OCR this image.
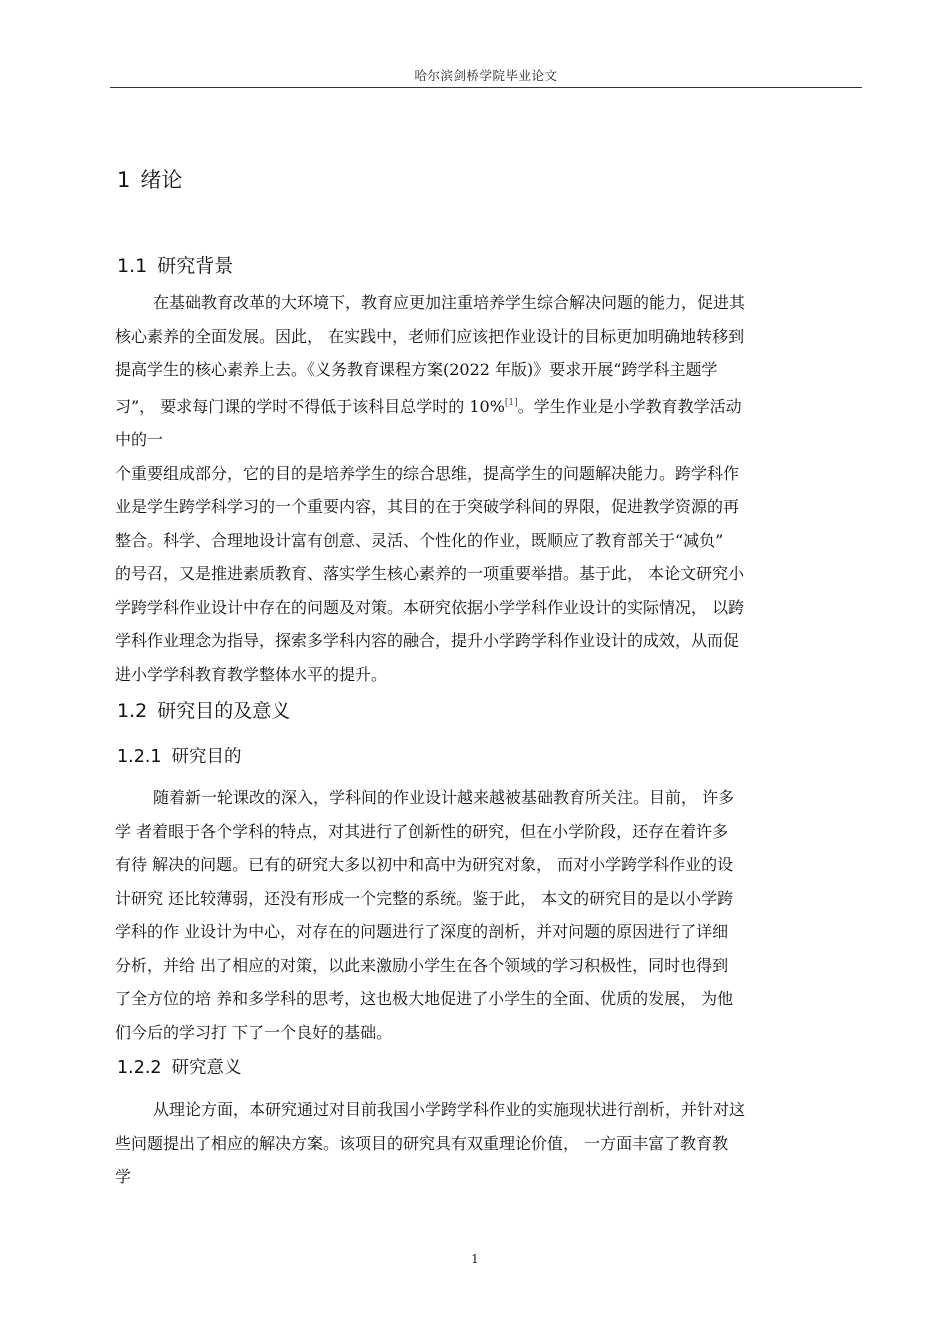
哈尔滨剑桥学院毕业论文
1 绪论
1.1 研究背景
在基础教育改革的大环境下，教育应更加注重培养学生综合解决问题的能力，促进其
核心素养的全面发展。因此， 在实践中，老师们应该把作业设计的目标更加明确地转移到
提高学生的核心素养上去。《义务教育课程方案(2022 年版)》要求开展“跨学科主题学
习”， 要求每门课的学时不得低于该科目总学时的 10%[1]。学生作业是小学教育教学活动
中的一
个重要组成部分，它的目的是培养学生的综合思维，提高学生的问题解决能力。跨学科作
业是学生跨学科学习的一个重要内容，其目的在于突破学科间的界限，促进教学资源的再
整合。科学、合理地设计富有创意、灵活、个性化的作业，既顺应了教育部关于“减负”
的号召，又是推进素质教育、落实学生核心素养的一项重要举措。基于此， 本论文研究小
学跨学科作业设计中存在的问题及对策。本研究依据小学学科作业设计的实际情况， 以跨
学科作业理念为指导，探索多学科内容的融合，提升小学跨学科作业设计的成效，从而促
进小学学科教育教学整体水平的提升。
1.2 研究目的及意义
1.2.1 研究目的
随着新一轮课改的深入，学科间的作业设计越来越被基础教育所关注。目前， 许多
学 者着眼于各个学科的特点，对其进行了创新性的研究，但在小学阶段，还存在着许多
有待 解决的问题。已有的研究大多以初中和高中为研究对象， 而对小学跨学科作业的设
计研究 还比较薄弱，还没有形成一个完整的系统。鉴于此， 本文的研究目的是以小学跨
学科的作 业设计为中心，对存在的问题进行了深度的剖析，并对问题的原因进行了详细
分析，并给 出了相应的对策，以此来激励小学生在各个领域的学习积极性，同时也得到
了全方位的培 养和多学科的思考，这也极大地促进了小学生的全面、优质的发展， 为他
们今后的学习打 下了一个良好的基础。
1.2.2 研究意义
从理论方面，本研究通过对目前我国小学跨学科作业的实施现状进行剖析，并针对这
些问题提出了相应的解决方案。该项目的研究具有双重理论价值， 一方面丰富了教育教
学
1
